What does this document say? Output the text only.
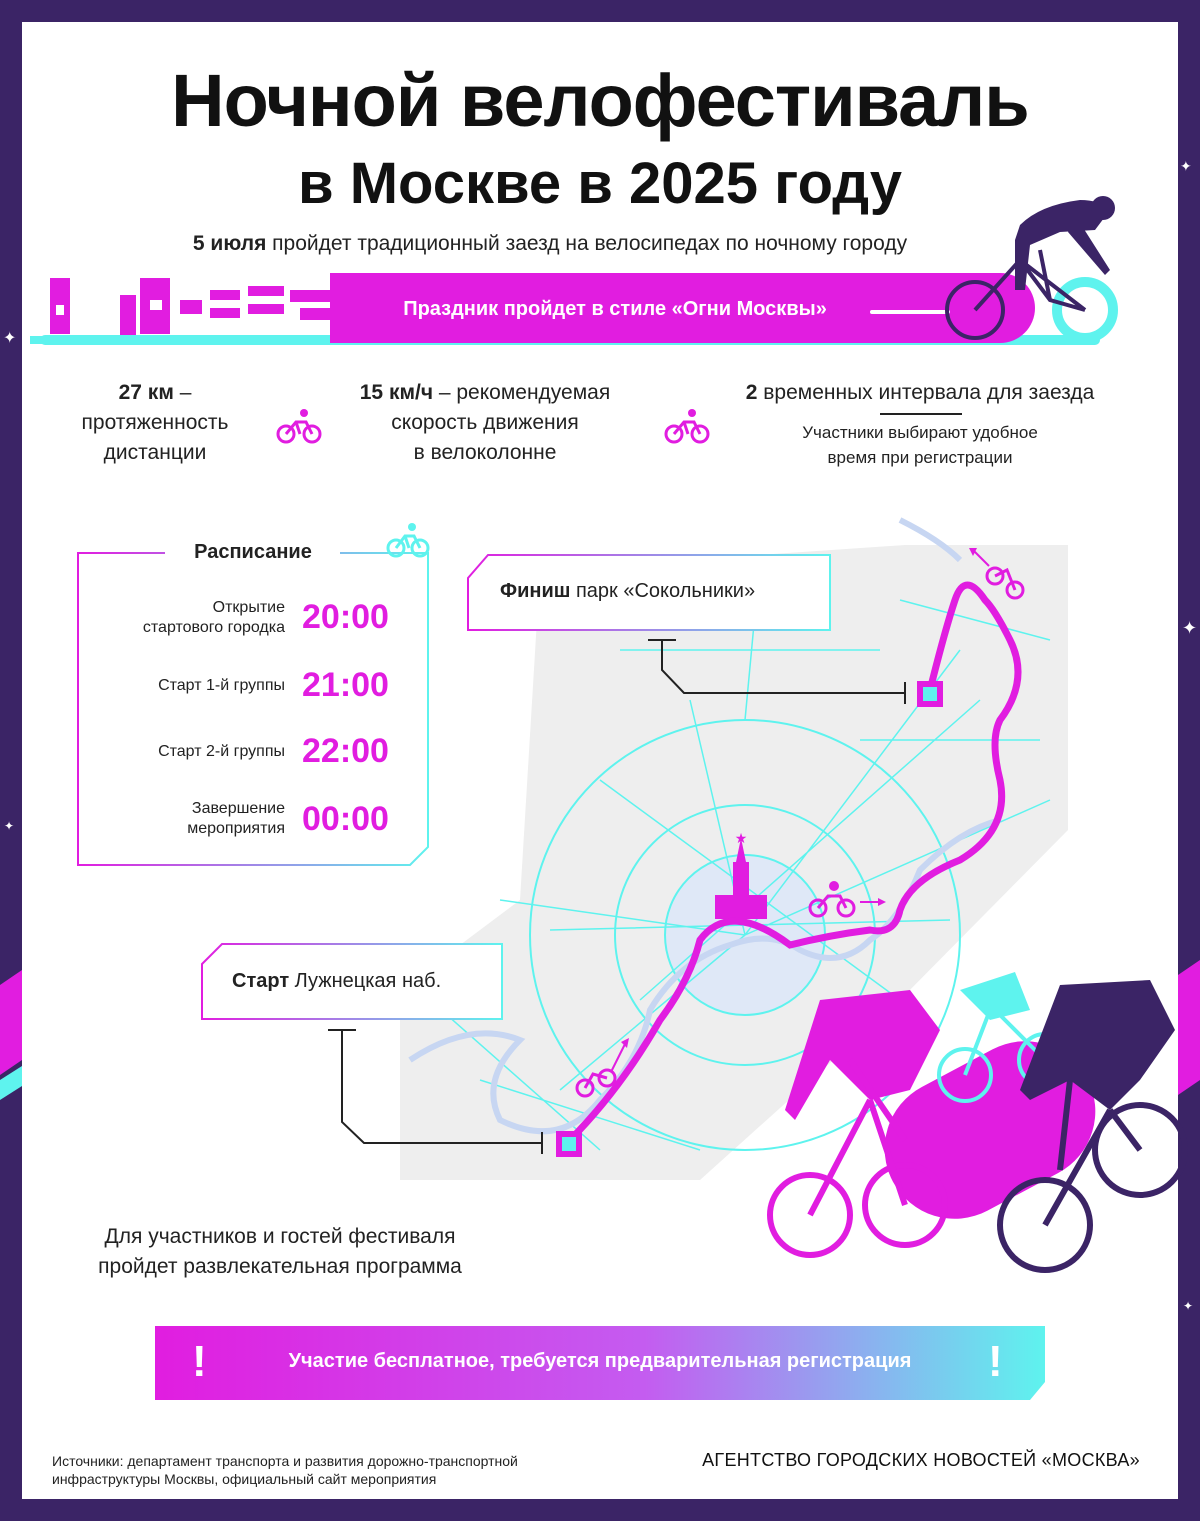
✦
✦
✦
✦
✦
★
Ночной велофестиваль
в Москве в 2025 году
5 июля пройдет традиционный заезд на велосипедах по ночному городу
Праздник пройдет в стиле «Огни Москвы»
27 км –
протяженность
дистанции
15 км/ч – рекомендуемая
скорость движения
в велоколонне
2 временных интервала для заезда
Участники выбирают удобное
время при регистрации
Расписание
Открытие
стартового городка 20:00
Старт 1-й группы 21:00
Старт 2-й группы 22:00
Завершение
мероприятия 00:00
Финиш парк «Сокольники»
Старт Лужнецкая наб.
Для участников и гостей фестиваля
пройдет развлекательная программа
!	Участие бесплатное, требуется предварительная регистрация	!
Источники: департамент транспорта и развития дорожно-транспортной
инфраструктуры Москвы, официальный сайт мероприятия
АГЕНТСТВО ГОРОДСКИХ НОВОСТЕЙ «МОСКВА»
